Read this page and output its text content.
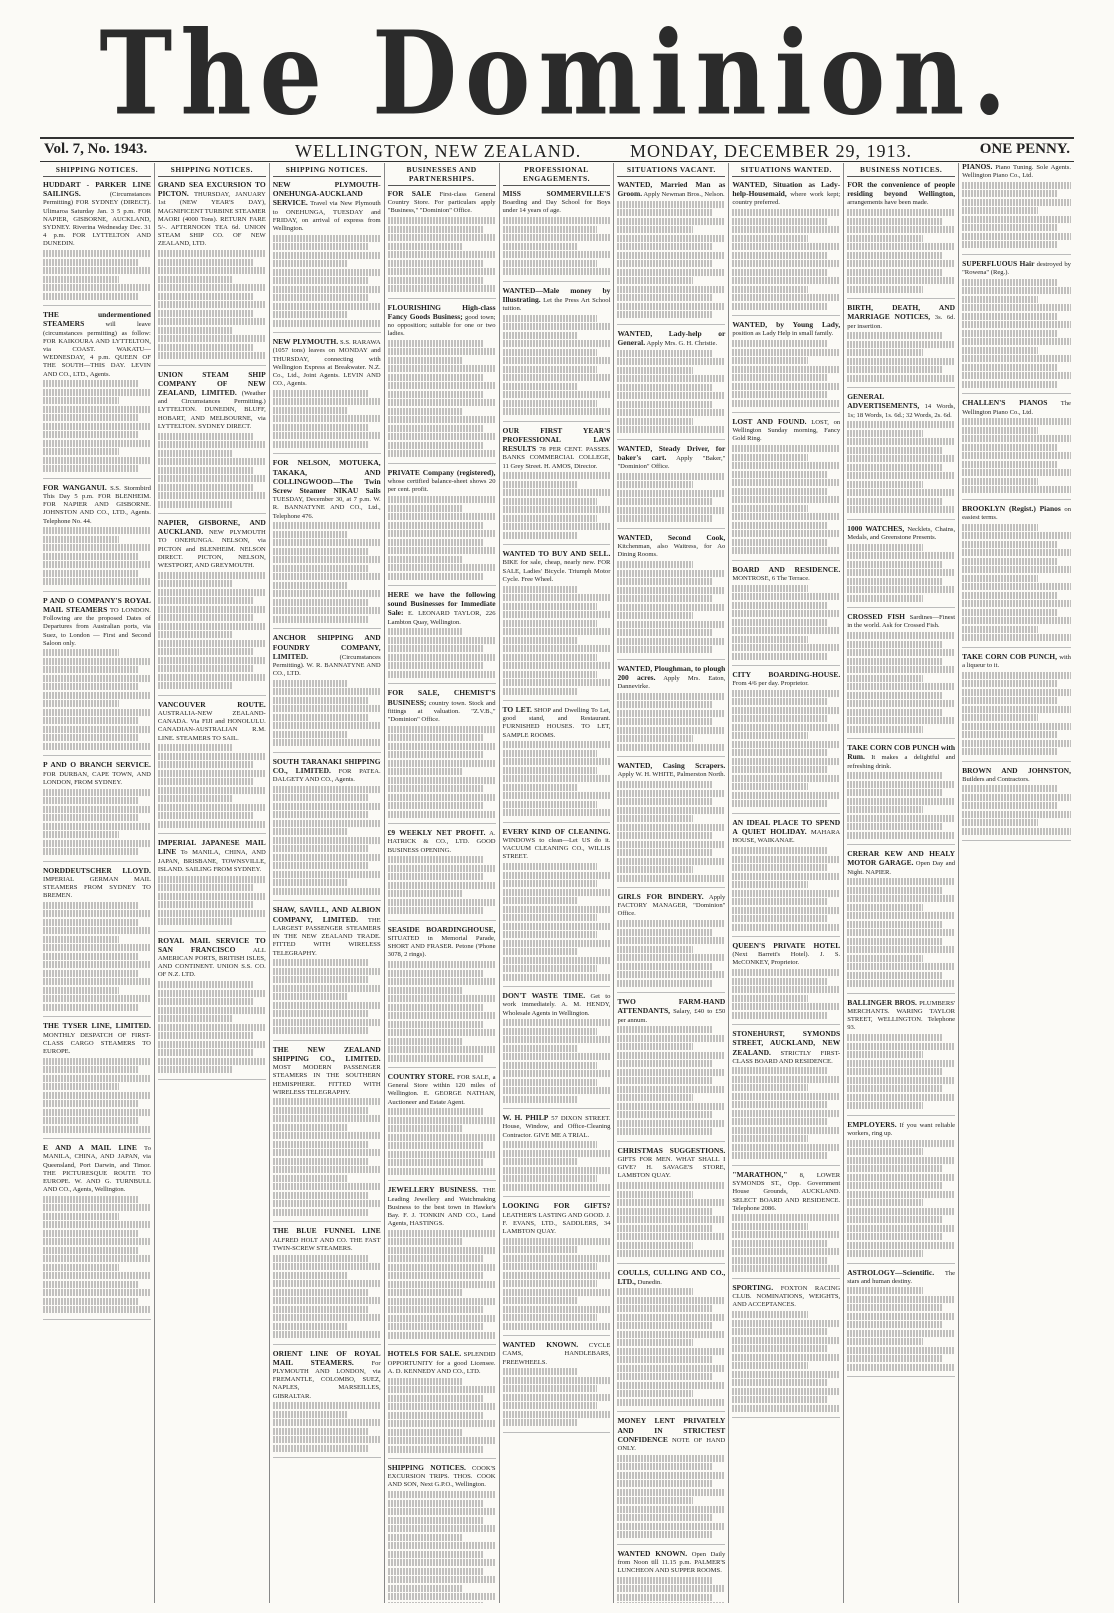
The Dominion.
Vol. 7, No. 1943.	WELLINGTON, NEW ZEALAND.	MONDAY, DECEMBER 29, 1913.	ONE PENNY.
SHIPPING NOTICES.
HUDDART - PARKER LINE SAILINGS.	(Circumstances Permitting) FOR SYDNEY (DIRECT). Ulimaroa Saturday Jan. 3 5 p.m. FOR NAPIER, GISBORNE, AUCKLAND, SYDNEY. Riverina Wednesday Dec. 31 4 p.m. FOR LYTTELTON AND DUNEDIN.
THE undermentioned STEAMERS	will leave (circumstances permitting) as follow: FOR KAIKOURA AND LYTTELTON, via COAST. WAKATU—WEDNESDAY, 4 p.m. QUEEN OF THE SOUTH—THIS DAY. LEVIN AND CO., LTD., Agents.
FOR WANGANUI. S.S. Stormbird This Day 5 p.m. FOR BLENHEIM. FOR NAPIER AND GISBORNE. JOHNSTON AND CO., LTD., Agents. Telephone No. 44.
P AND O COMPANY'S ROYAL MAIL STEAMERS TO LONDON. Following are the proposed Dates of Departures from Australian ports, via Suez, to London — First and Second Saloon only.
P AND O BRANCH SERVICE. FOR DURBAN, CAPE TOWN, AND LONDON, FROM SYDNEY.
NORDDEUTSCHER LLOYD. IMPERIAL GERMAN MAIL STEAMERS FROM SYDNEY TO BREMEN.
THE TYSER LINE, LIMITED. MONTHLY DESPATCH OF FIRST-CLASS CARGO STEAMERS TO EUROPE.
E AND A MAIL LINE To MANILA, CHINA, AND JAPAN, via Queensland, Port Darwin, and Timor. THE PICTURESQUE ROUTE TO EUROPE. W. AND G. TURNBULL AND CO., Agents, Wellington.
SHIPPING NOTICES.
GRAND SEA EXCURSION TO PICTON. THURSDAY, JANUARY 1st (NEW YEAR'S DAY), MAGNIFICENT TURBINE STEAMER MAORI (4000 Tons). RETURN FARE 5/-. AFTERNOON TEA 6d. UNION STEAM SHIP CO. OF NEW ZEALAND, LTD.
UNION STEAM SHIP COMPANY OF NEW ZEALAND, LIMITED. (Weather and Circumstances Permitting.) LYTTELTON. DUNEDIN, BLUFF, HOBART, AND MELBOURNE, via LYTTELTON. SYDNEY DIRECT.
NAPIER, GISBORNE, AND AUCKLAND. NEW PLYMOUTH TO ONEHUNGA. NELSON, via PICTON and BLENHEIM. NELSON DIRECT. PICTON, NELSON, WESTPORT, AND GREYMOUTH.
VANCOUVER ROUTE. AUSTRALIA-NEW ZEALAND-CANADA. Via FIJI and HONOLULU. CANADIAN-AUSTRALIAN R.M. LINE. STEAMERS TO SAIL.
IMPERIAL JAPANESE MAIL LINE To MANILA, CHINA, AND JAPAN, BRISBANE, TOWNSVILLE, ISLAND. SAILING FROM SYDNEY.
ROYAL MAIL SERVICE TO SAN FRANCISCO	ALL AMERICAN PORTS, BRITISH ISLES, AND CONTINENT. UNION S.S. CO. OF N.Z. LTD.
SHIPPING NOTICES.
NEW PLYMOUTH-ONEHUNGA-AUCKLAND SERVICE. Travel via New Plymouth to ONEHUNGA, TUESDAY and FRIDAY, on arrival of express from Wellington.
NEW PLYMOUTH. S.S. RARAWA (1057 tons) leaves on MONDAY and THURSDAY, connecting with Wellington Express at Breakwater. N.Z. Co., Ltd., Joint Agents. LEVIN AND CO., Agents.
FOR NELSON, MOTUEKA, TAKAKA, AND COLLINGWOOD—The Twin Screw Steamer NIKAU Sails TUESDAY, December 30, at 7 p.m. W. R. BANNATYNE AND CO., Ltd., Telephone 476.
ANCHOR SHIPPING AND FOUNDRY COMPANY, LIMITED.	(Circumstances Permitting). W. R. BANNATYNE AND CO., LTD.
SOUTH TARANAKI SHIPPING CO., LIMITED. FOR PATEA. DALGETY AND CO., Agents.
SHAW, SAVILL, AND ALBION COMPANY, LIMITED. THE LARGEST PASSENGER STEAMERS IN THE NEW ZEALAND TRADE. FITTED WITH WIRELESS TELEGRAPHY.
THE NEW ZEALAND SHIPPING CO., LIMITED. MOST MODERN PASSENGER STEAMERS IN THE SOUTHERN HEMISPHERE. FITTED WITH WIRELESS TELEGRAPHY.
THE BLUE FUNNEL LINE ALFRED HOLT AND CO. THE FAST TWIN-SCREW STEAMERS.
ORIENT LINE OF ROYAL MAIL STEAMERS.	For PLYMOUTH AND LONDON, via FREMANTLE, COLOMBO, SUEZ, NAPLES, MARSEILLES, GIBRALTAR.
BUSINESSES AND PARTNERSHIPS.
FOR SALE First-class General Country Store. For particulars apply "Business," "Dominion" Office.
FLOURISHING High-class Fancy Goods Business; good town; no opposition; suitable for one or two ladies.
PRIVATE Company (registered), whose certified balance-sheet shows 20 per cent. profit.
HERE we have the following sound Businesses for Immediate Sale: E. LEONARD TAYLOR, 226 Lambton Quay, Wellington.
FOR SALE, CHEMIST'S BUSINESS; country town. Stock and fittings at valuation. "Z.V.B.," "Dominion" Office.
£9 WEEKLY NET PROFIT. A. HATRICK & CO., LTD. GOOD BUSINESS OPENING.
SEASIDE BOARDINGHOUSE, SITUATED in Memorial Parade, SHORT AND FRASER. Petone ('Phone 3078, 2 rings).
COUNTRY STORE. FOR SALE, a General Store within 120 miles of Wellington. E. GEORGE NATHAN, Auctioneer and Estate Agent.
JEWELLERY BUSINESS. THE Leading Jewellery and Watchmaking Business to the best town in Hawke's Bay. F. J. TONKIN AND CO., Land Agents, HASTINGS.
HOTELS FOR SALE. SPLENDID OPPORTUNITY for a good Licensee. A. D. KENNEDY AND CO., LTD.
SHIPPING NOTICES. COOK'S EXCURSION TRIPS. THOS. COOK AND SON, Next G.P.O., Wellington.
PROFESSIONAL ENGAGEMENTS.
MISS SOMMERVILLE'S Boarding and Day School for Boys under 14 years of age.
WANTED—Male money by Illustrating. Let the Press Art School tuition.
OUR FIRST YEAR'S PROFESSIONAL LAW RESULTS 78 PER CENT. PASSES. BANKS COMMERCIAL COLLEGE, 11 Grey Street. H. AMOS, Director.
WANTED TO BUY AND SELL. BIKE for sale, cheap, nearly new. FOR SALE, Ladies' Bicycle. Triumph Motor Cycle. Free Wheel.
TO LET. SHOP and Dwelling To Let, good stand, and Restaurant. FURNISHED HOUSES. TO LET, SAMPLE ROOMS.
EVERY KIND OF CLEANING. WINDOWS to clean—Let US do it. VACUUM CLEANING CO., WILLIS STREET.
DON'T WASTE TIME. Get to work immediately. A. M. HENDY, Wholesale Agents in Wellington.
W. H. PHILP 57 DIXON STREET. House, Window, and Office-Cleaning Contractor. GIVE ME A TRIAL.
LOOKING FOR GIFTS? LEATHER'S LASTING AND GOOD. J. F. EVANS, LTD., SADDLERS, 34 LAMBTON QUAY.
WANTED KNOWN. CYCLE CAMS, HANDLEBARS, FREEWHEELS.
SITUATIONS VACANT.
WANTED, Married Man as Groom. Apply Newman Bros., Nelson.
WANTED, Lady-help or General. Apply Mrs. G. H. Christie.
WANTED, Steady Driver, for baker's cart. Apply "Baker," "Dominion" Office.
WANTED, Second Cook, Kitchenman, also Waitress, for Ao Dining Rooms.
WANTED, Ploughman, to plough 200 acres. Apply Mrs. Eaton, Dannevirke.
WANTED, Casing Scrapers. Apply W. H. WHITE, Palmerston North.
GIRLS FOR BINDERY. Apply FACTORY MANAGER, "Dominion" Office.
TWO FARM-HAND ATTENDANTS, Salary, £40 to £50 per annum.
CHRISTMAS SUGGESTIONS. GIFTS FOR MEN. WHAT SHALL I GIVE? H. SAVAGE'S STORE, LAMBTON QUAY.
COULLS, CULLING AND CO., LTD., Dunedin.
MONEY LENT PRIVATELY AND IN STRICTEST CONFIDENCE NOTE OF HAND ONLY.
WANTED KNOWN. Open Daily from Noon till 11.15 p.m. PALMER'S LUNCHEON AND SUPPER ROOMS.
SITUATIONS WANTED.
WANTED, Situation as Lady-help-Housemaid, where work kept; country preferred.
WANTED, by Young Lady, position as Lady Help in small family.
LOST AND FOUND. LOST, on Wellington Sunday morning, Fancy Gold Ring.
BOARD AND RESIDENCE. MONTROSE, 6 The Terrace.
CITY BOARDING-HOUSE. From 4/6 per day. Proprietor.
AN IDEAL PLACE TO SPEND A QUIET HOLIDAY. MAHARA HOUSE, WAIKANAE.
QUEEN'S PRIVATE HOTEL (Next Barrett's Hotel). J. S. McCONKEY, Proprietor.
STONEHURST, SYMONDS STREET, AUCKLAND, NEW ZEALAND. STRICTLY FIRST-CLASS BOARD AND RESIDENCE.
"MARATHON," 8, LOWER SYMONDS ST., Opp. Government House Grounds, AUCKLAND. SELECT BOARD AND RESIDENCE. Telephone 2086.
SPORTING. FOXTON RACING CLUB. NOMINATIONS, WEIGHTS, AND ACCEPTANCES.
BUSINESS NOTICES.
FOR the convenience of people residing beyond Wellington, arrangements have been made.
BIRTH, DEATH, AND MARRIAGE NOTICES, 3s. 6d. per insertion.
GENERAL ADVERTISEMENTS, 14 Words, 1s; 18 Words, 1s. 6d.; 32 Words, 2s. 6d.
1000 WATCHES, Necklets, Chains, Medals, and Greenstone Presents.
CROSSED FISH Sardines—Finest in the world. Ask for Crossed Fish.
TAKE CORN COB PUNCH with Rum. It makes a delightful and refreshing drink.
CRERAR KEW AND HEALY MOTOR GARAGE. Open Day and Night. NAPIER.
BALLINGER BROS. PLUMBERS' MERCHANTS. WARING TAYLOR STREET, WELLINGTON. Telephone 93.
EMPLOYERS. If you want reliable workers, ring up.
ASTROLOGY—Scientific. The stars and human destiny.
PIANOS. Piano Tuning. Sole Agents. Wellington Piano Co., Ltd.
SUPERFLUOUS Hair destroyed by "Rowena" (Reg.).
CHALLEN'S PIANOS The Wellington Piano Co., Ltd.
BROOKLYN (Regist.) Pianos on easiest terms.
TAKE CORN COB PUNCH, with a liqueur to it.
BROWN AND JOHNSTON, Builders and Contractors.
